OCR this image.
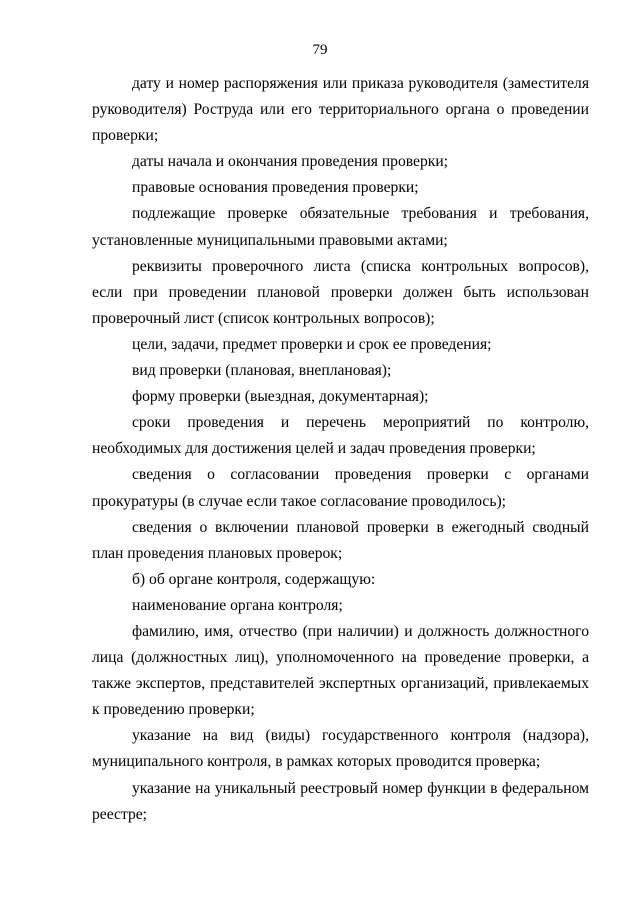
79

дату и номер распоряжения или приказа руководителя (заместителя руководителя) Роструда или его территориального органа о проведении проверки;

даты начала и окончания проведения проверки;

правовые основания проведения проверки;

подлежащие проверке обязательные требования и требования, установленные муниципальными правовыми актами;

реквизиты проверочного листа (списка контрольных вопросов), если при проведении плановой проверки должен быть использован проверочный лист (список контрольных вопросов);

цели, задачи, предмет проверки и срок ее проведения;

вид проверки (плановая, внеплановая);

форму проверки (выездная, документарная);

сроки проведения и перечень мероприятий по контролю, необходимых для достижения целей и задач проведения проверки;

сведения о согласовании проведения проверки с органами прокуратуры (в случае если такое согласование проводилось);

сведения о включении плановой проверки в ежегодный сводный план проведения плановых проверок;

б) об органе контроля, содержащую:

наименование органа контроля;

фамилию, имя, отчество (при наличии) и должность должностного лица (должностных лиц), уполномоченного на проведение проверки, а также экспертов, представителей экспертных организаций, привлекаемых к проведению проверки;

указание на вид (виды) государственного контроля (надзора), муниципального контроля, в рамках которых проводится проверка;

указание на уникальный реестровый номер функции в федеральном реестре;
